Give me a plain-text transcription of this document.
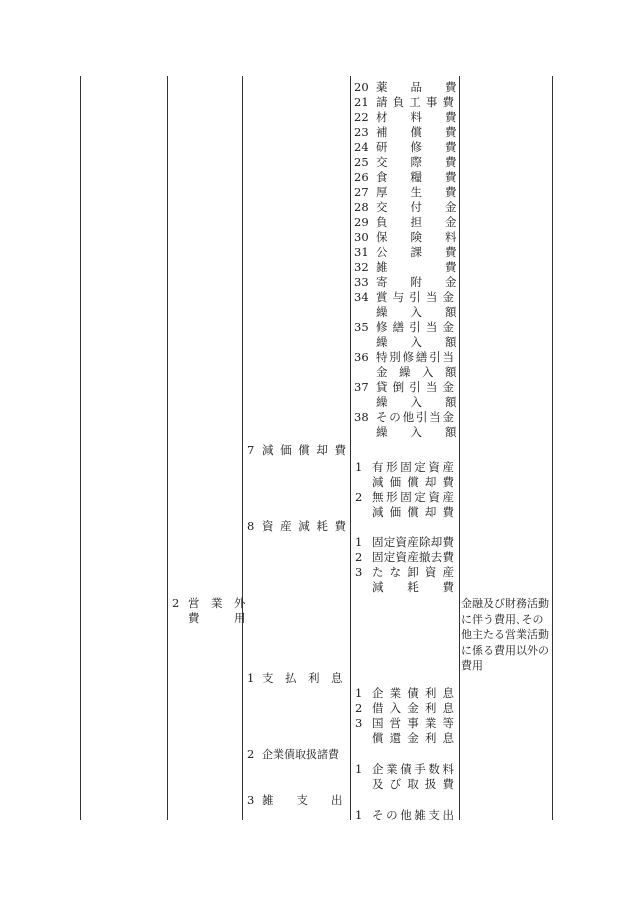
20 薬　　品　　費
21 請負工事費
22 材　　料　　費
23 補　　償　　費
24 研　　修　　費
25 交　　際　　費
26 食　　糧　　費
27 厚　　生　　費
28 交　　付　　金
29 負　　担　　金
30 保　　険　　料
31 公　　課　　費
32 雑　　　　　費
33 寄　　附　　金
34 賞与引当金
繰　　入　　額
35 修繕引当金
繰　　入　　額
36 特別修繕引当
金　繰　入　額
37 貸倒引当金
繰　　入　　額
38 その他引当金
繰　　入　　額
7 減価償却費
8 資産減耗費
1 支　払　利　息
2 企業債取扱諸費
3 雑　　支　　出
2 営　業　外
費　　　用
金融及び財務活動に伴う費用､その他主たる営業活動に係る費用以外の費用
1 有形固定資産
減価償却費
2 無形固定資産
減価償却費
1 固定資産除却費
2 固定資産撤去費
3 たな卸資産
減　　耗　　費
1 企業債利息
2 借入金利息
3 国営事業等
償還金利息
1 企業債手数料
及び取扱費
1 その他雑支出
